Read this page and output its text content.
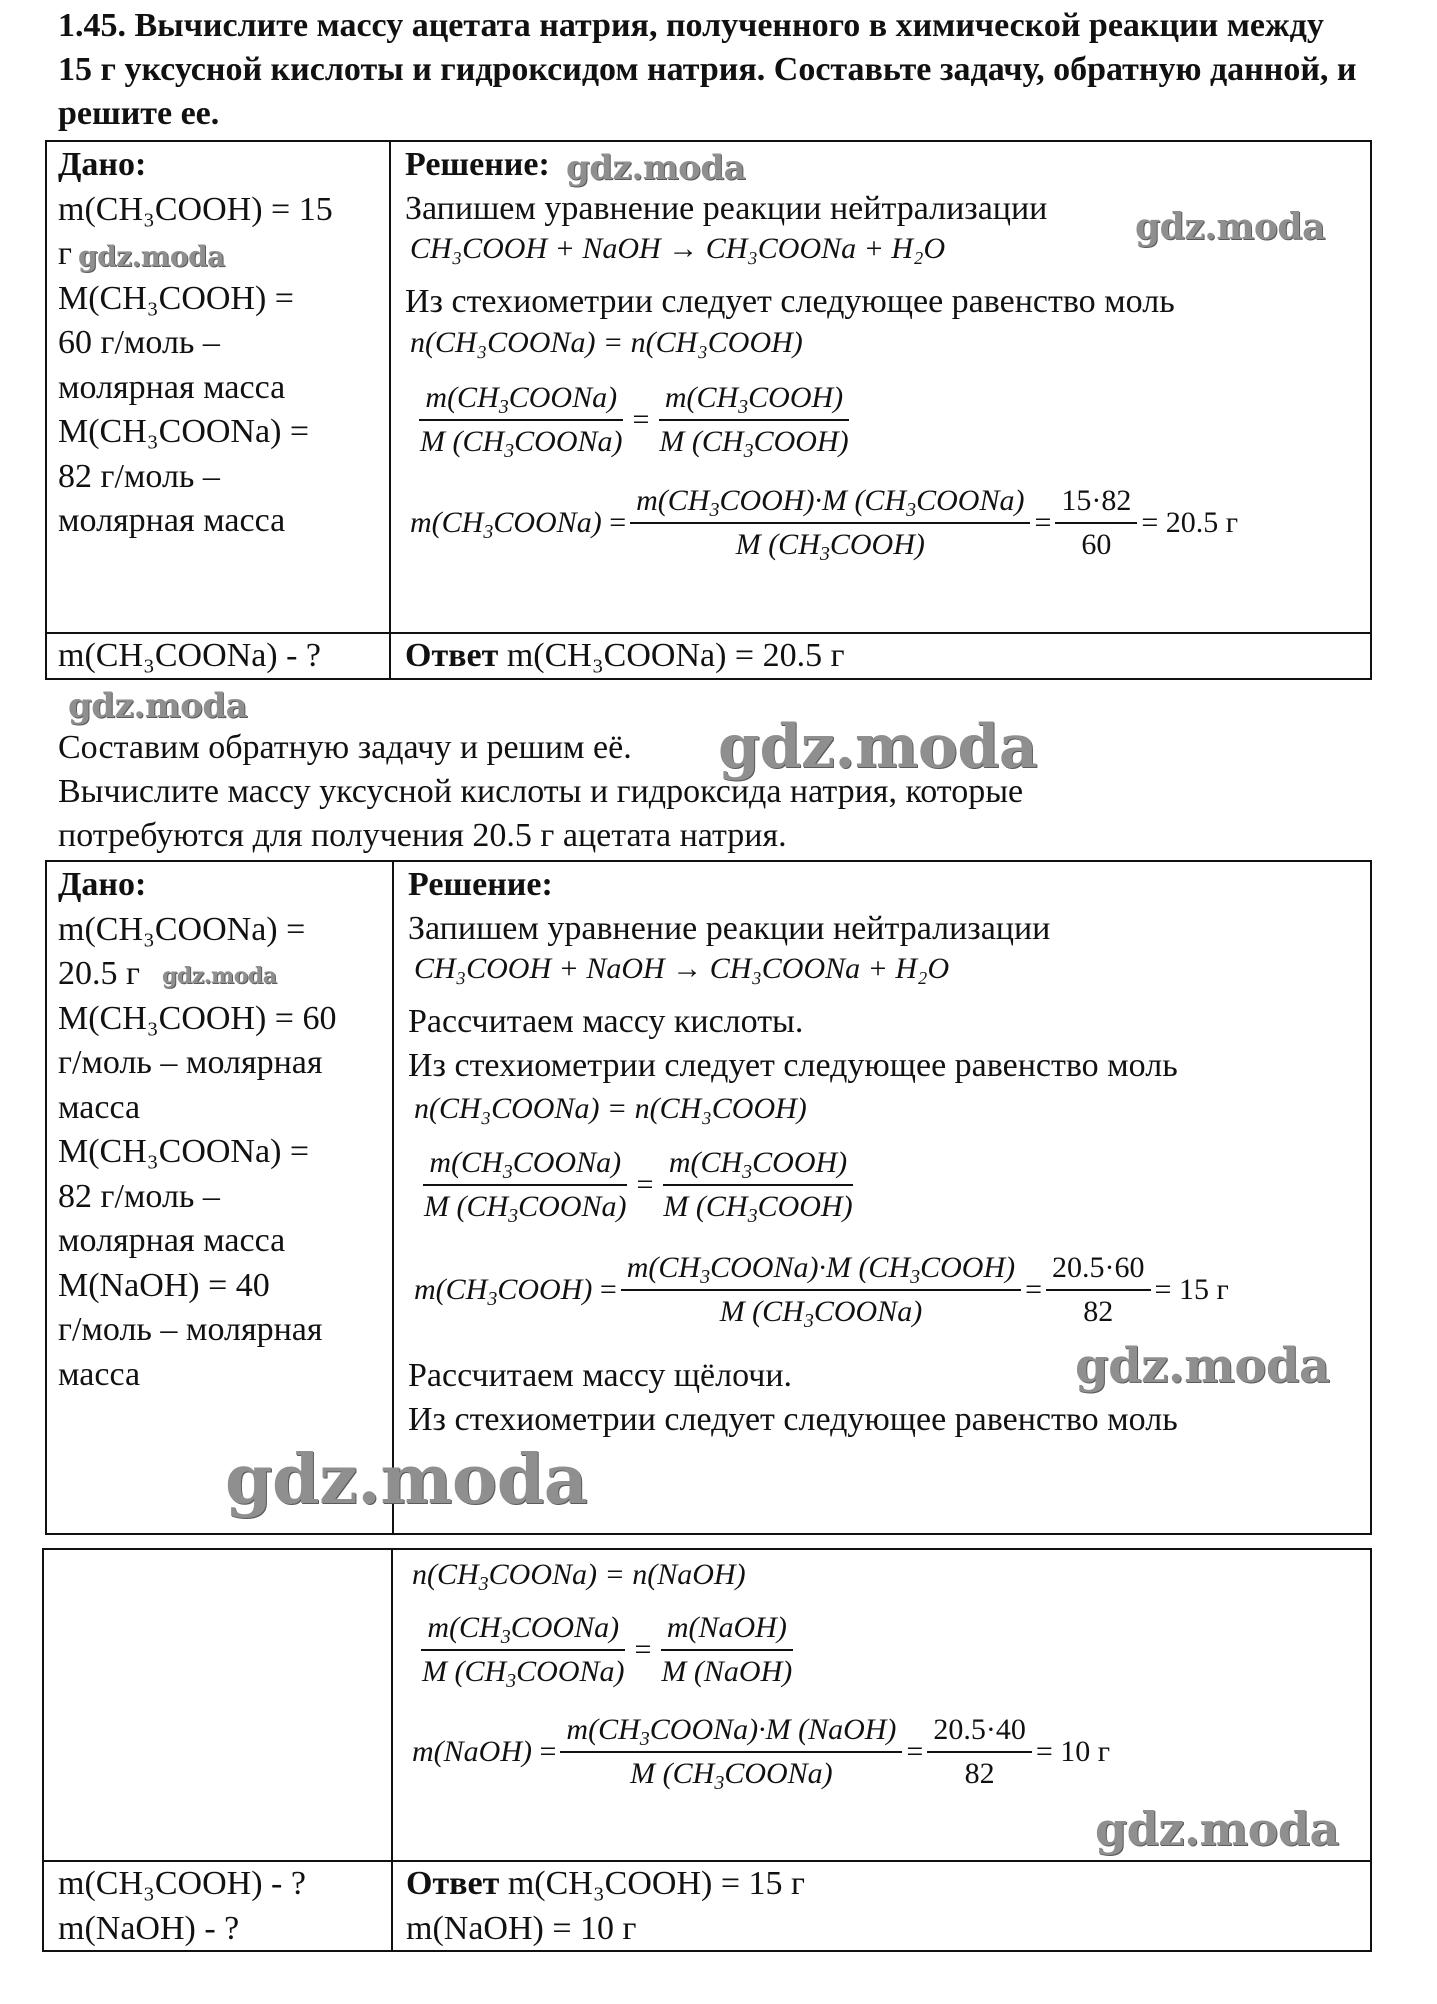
1.45. Вычислите массу ацетата натрия, полученного в химической реакции между 15 г уксусной кислоты и гидроксидом натрия. Составьте задачу, обратную данной, и решите ее.
Дано:
m(CH₃COOH) = 15
г
M(CH₃COOH) =
60 г/моль –
молярная масса
M(CH₃COONa) =
82 г/моль –
молярная масса
Решение:
Запишем уравнение реакции нейтрализации
CH₃COOH + NaOH → CH₃COONa + H₂O
Из стехиометрии следует следующее равенство моль
n(CH₃COONa) = n(CH₃COOH)
$\frac{m(CH_3COONa)}{M (CH_3COONa)} = \frac{m(CH_3COOH)}{M (CH_3COOH)}$
$m(CH_3COONa) = \frac{m(CH_3COOH)\cdot M (CH_3COONa)}{M (CH_3COOH)} = \frac{15\cdot 82}{60} = 20.5$ г
m(CH₃COONa) - ? Ответ m(CH₃COONa) = 20.5 г
Составим обратную задачу и решим её.
Вычислите массу уксусной кислоты и гидроксида натрия, которые
потребуются для получения 20.5 г ацетата натрия.
Дано:
m(CH₃COONa) =
20.5 г
M(CH₃COOH) = 60
г/моль – молярная
масса
M(CH₃COONa) =
82 г/моль –
молярная масса
M(NaOH) = 40
г/моль – молярная
масса
Решение:
Запишем уравнение реакции нейтрализации
CH₃COOH + NaOH → CH₃COONa + H₂O
Рассчитаем массу кислоты.
Из стехиометрии следует следующее равенство моль
n(CH₃COONa) = n(CH₃COOH)
$\frac{m(CH_3COONa)}{M (CH_3COONa)} = \frac{m(CH_3COOH)}{M (CH_3COOH)}$
$m(CH_3COOH) = \frac{m(CH_3COONa)\cdot M (CH_3COOH)}{M (CH_3COONa)} = \frac{20.5\cdot 60}{82} = 15$ г
Рассчитаем массу щёлочи.
Из стехиометрии следует следующее равенство моль
$n(CH_3COONa)$ = n(NaOH)
$\frac{m(CH_3COONa)}{M (CH_3COONa)} = \frac{\text{m(NaOH)}}{\text{M (NaOH)}}$
m(NaOH) = $\frac{m(CH_3COONa)\cdot M (NaOH)}{M (CH_3COONa)} = \frac{20.5\cdot 40}{82} = 10$ г
m(CH₃COOH) - ?
m(NaOH) - ?
Ответ m(CH₃COOH) = 15 г
m(NaOH) = 10 г
gdz.moda
gdz.moda
gdz.moda
gdz.moda
gdz.moda
gdz.moda
gdz.moda
gdz.moda
gdz.moda
